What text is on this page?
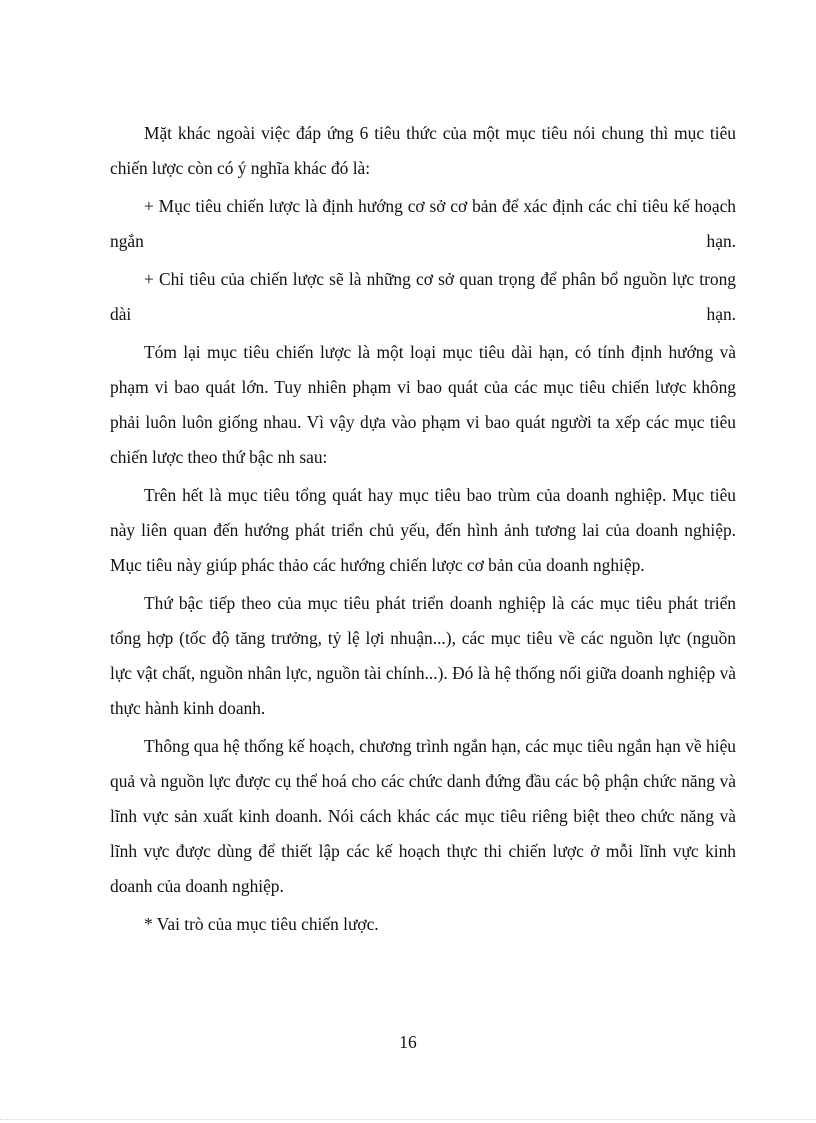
Mặt khác ngoài việc đáp ứng 6 tiêu thức của một mục tiêu nói chung thì mục tiêu chiến lược còn có ý nghĩa khác đó là:

+ Mục tiêu chiến lược là định hướng cơ sở cơ bản để xác định các chỉ tiêu kế hoạch ngắn hạn.

+ Chỉ tiêu của chiến lược sẽ là những cơ sở quan trọng để phân bổ nguồn lực trong dài hạn.

Tóm lại mục tiêu chiến lược là một loại mục tiêu dài hạn, có tính định hướng và phạm vi bao quát lớn. Tuy nhiên phạm vi bao quát của các mục tiêu chiến lược không phải luôn luôn giống nhau. Vì vậy dựa vào phạm vi bao quát người ta xếp các mục tiêu chiến lược theo thứ bậc nh sau:

Trên hết là mục tiêu tổng quát hay mục tiêu bao trùm của doanh nghiệp. Mục tiêu này liên quan đến hướng phát triển chủ yếu, đến hình ảnh tương lai của doanh nghiệp. Mục tiêu này giúp phác thảo các hướng chiến lược cơ bản của doanh nghiệp.

Thứ bậc tiếp theo của mục tiêu phát triển doanh nghiệp là các mục tiêu phát triển tổng hợp (tốc độ tăng trưởng, tỷ lệ lợi nhuận...), các mục tiêu về các nguồn lực (nguồn lực vật chất, nguồn nhân lực, nguồn tài chính...). Đó là hệ thống nối giữa doanh nghiệp và thực hành kinh doanh.

Thông qua hệ thống kế hoạch, chương trình ngắn hạn, các mục tiêu ngắn hạn về hiệu quả và nguồn lực được cụ thể hoá cho các chức danh đứng đầu các bộ phận chức năng và lĩnh vực sản xuất kinh doanh. Nói cách khác các mục tiêu riêng biệt theo chức năng và lĩnh vực được dùng để thiết lập các kế hoạch thực thi chiến lược ở mỗi lĩnh vực kinh doanh của doanh nghiệp.

* Vai trò của mục tiêu chiến lược.

16
